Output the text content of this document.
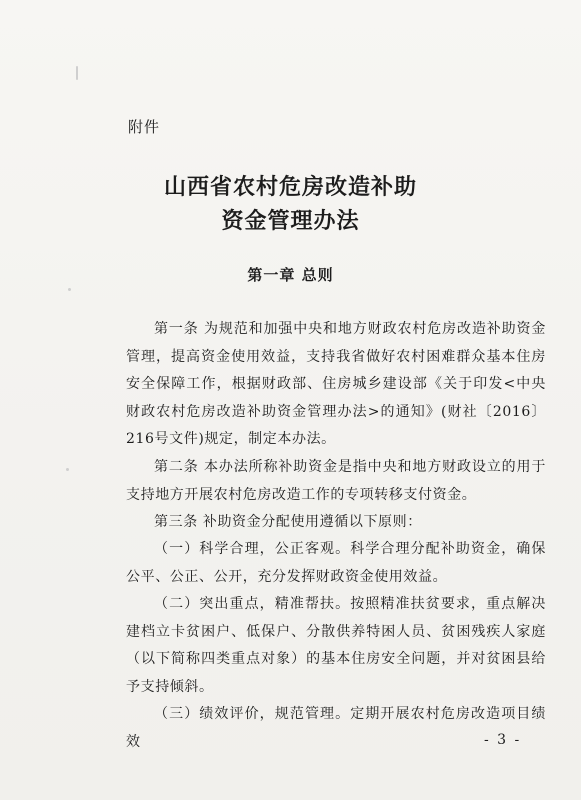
附件
山西省农村危房改造补助
资金管理办法
第一章 总则
第一条 为规范和加强中央和地方财政农村危房改造补助资金管理，提高资金使用效益，支持我省做好农村困难群众基本住房安全保障工作，根据财政部、住房城乡建设部《关于印发<中央财政农村危房改造补助资金管理办法>的通知》(财社〔2016〕216号文件)规定，制定本办法。
第二条 本办法所称补助资金是指中央和地方财政设立的用于支持地方开展农村危房改造工作的专项转移支付资金。
第三条 补助资金分配使用遵循以下原则：
（一）科学合理，公正客观。科学合理分配补助资金，确保公平、公正、公开，充分发挥财政资金使用效益。
（二）突出重点，精准帮扶。按照精准扶贫要求，重点解决建档立卡贫困户、低保户、分散供养特困人员、贫困残疾人家庭（以下简称四类重点对象）的基本住房安全问题，并对贫困县给予支持倾斜。
（三）绩效评价，规范管理。定期开展农村危房改造项目绩效	- 3 -
